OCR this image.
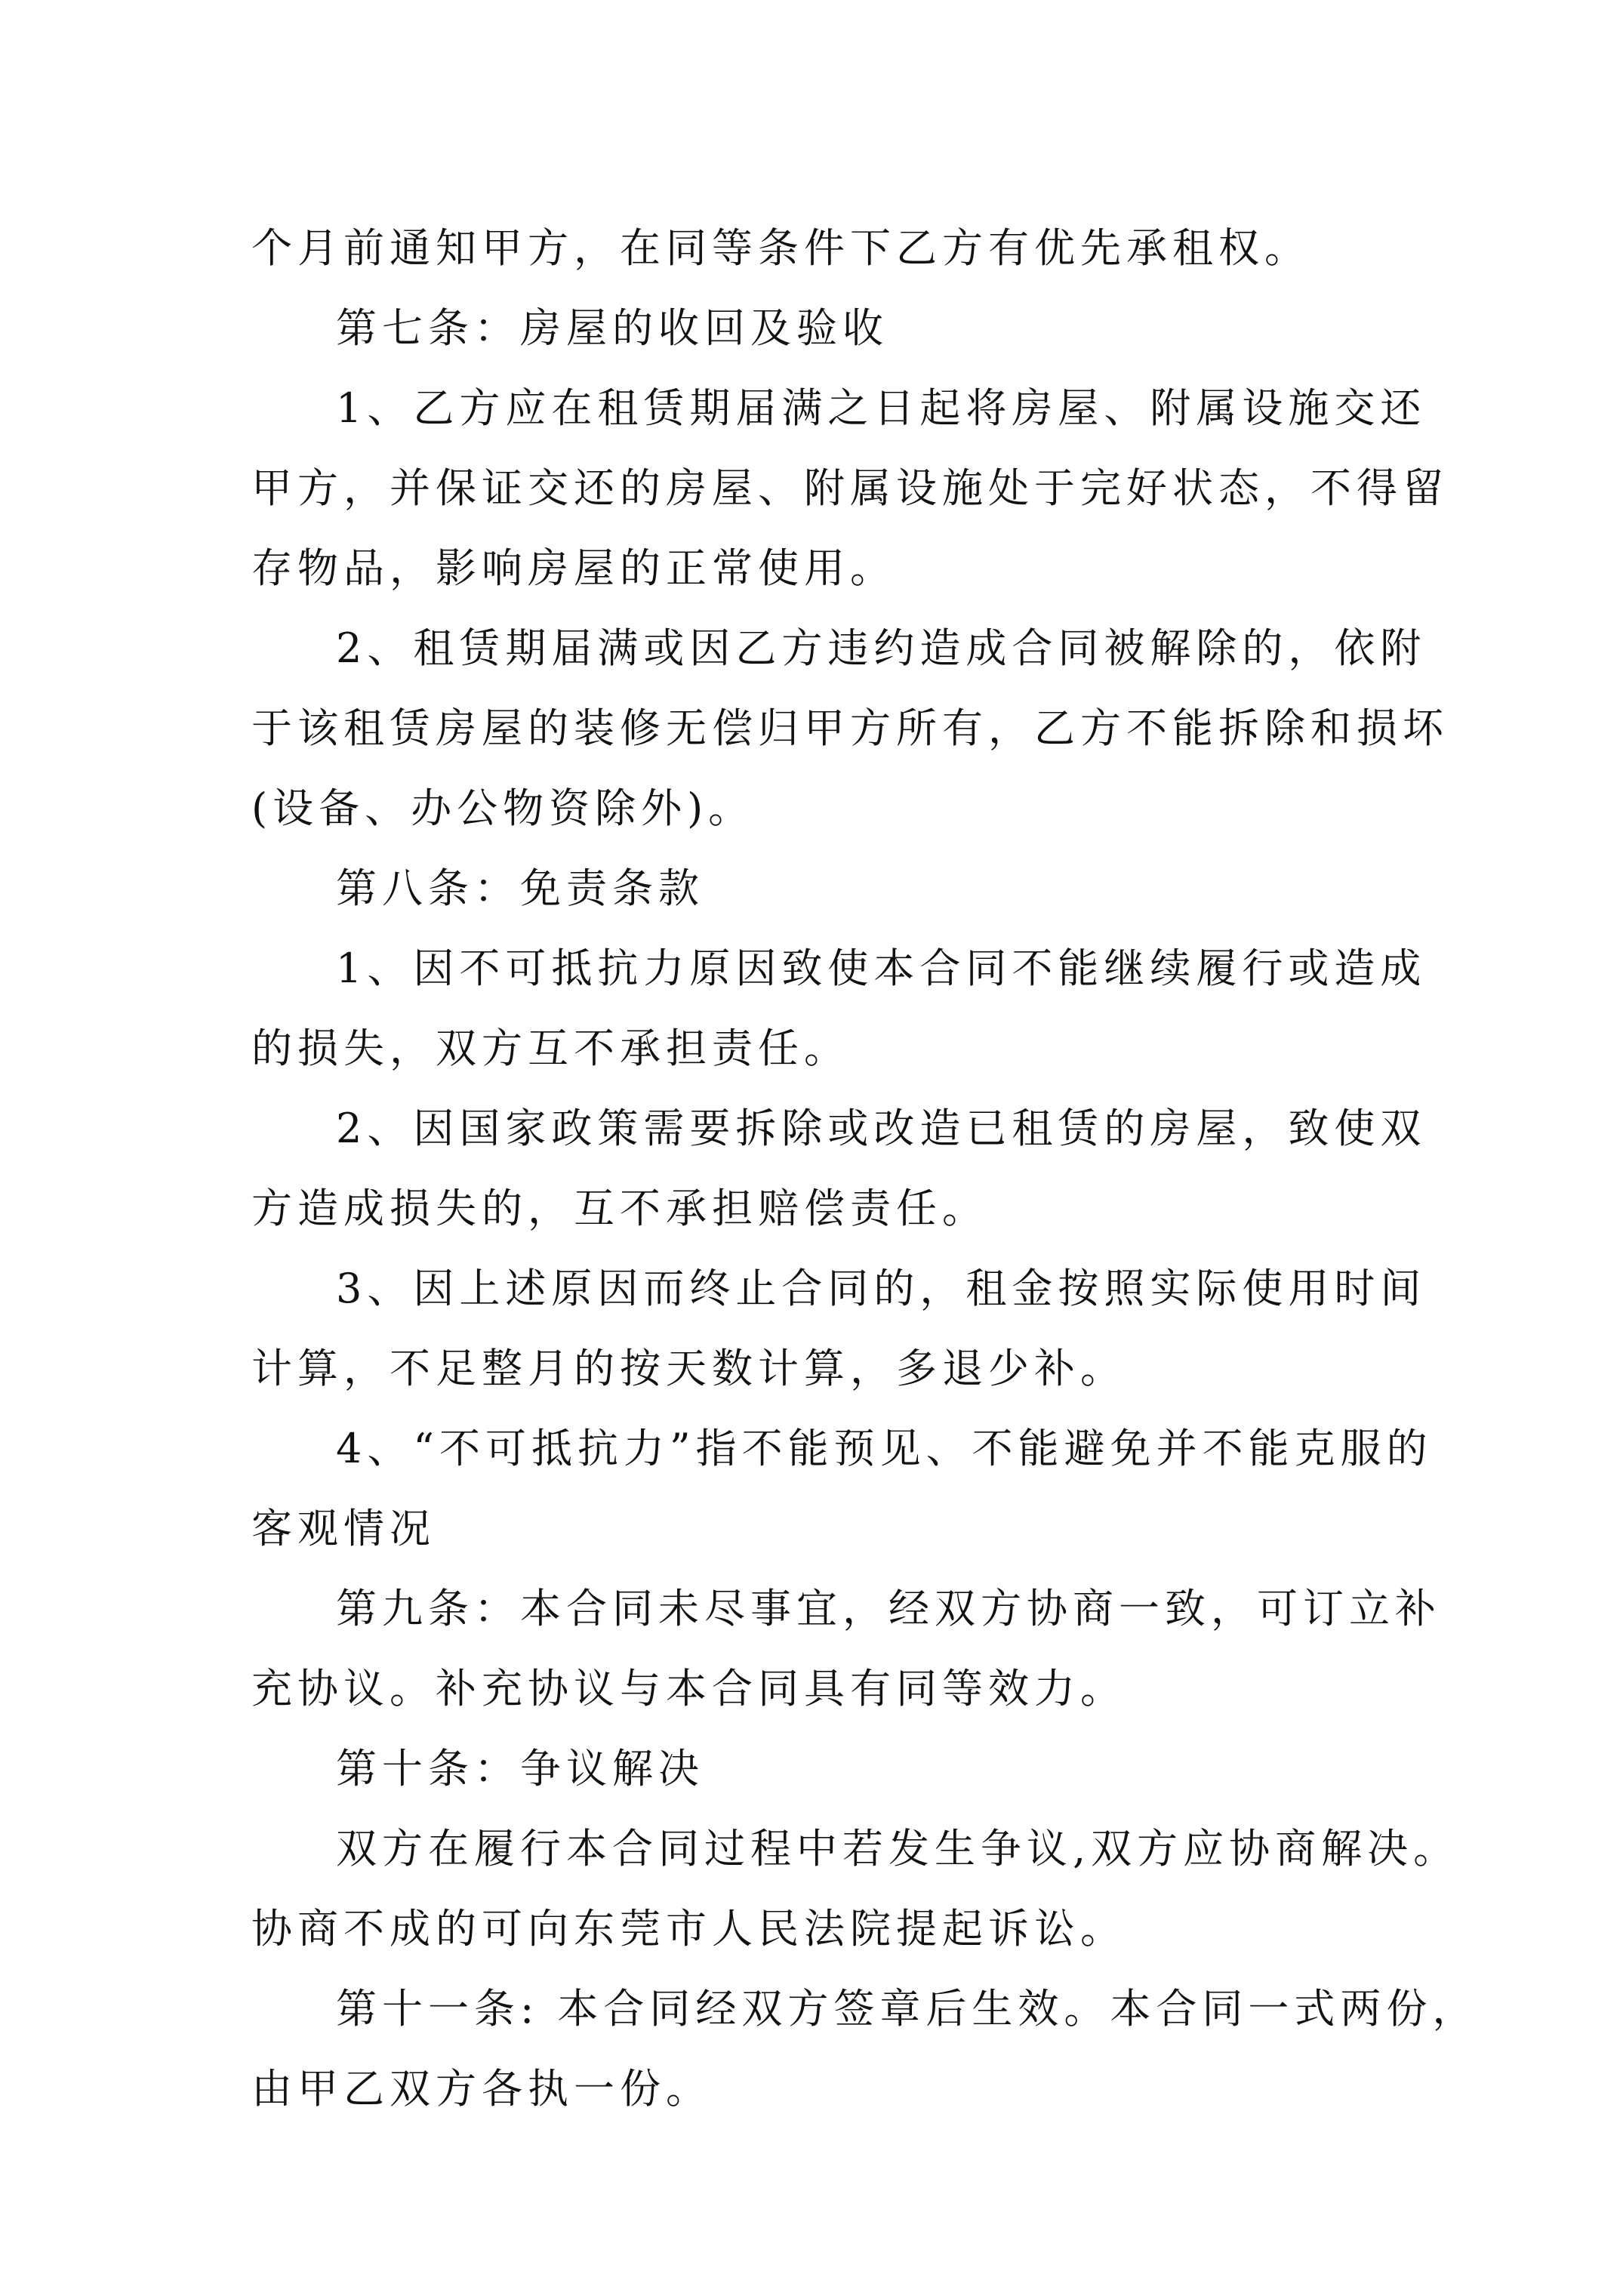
个月前通知甲方，在同等条件下乙方有优先承租权。
第七条：房屋的收回及验收
1、乙方应在租赁期届满之日起将房屋、附属设施交还
甲方，并保证交还的房屋、附属设施处于完好状态，不得留
存物品，影响房屋的正常使用。
2、租赁期届满或因乙方违约造成合同被解除的，依附
于该租赁房屋的装修无偿归甲方所有，乙方不能拆除和损坏
(设备、办公物资除外)。
第八条：免责条款
1、因不可抵抗力原因致使本合同不能继续履行或造成
的损失，双方互不承担责任。
2、因国家政策需要拆除或改造已租赁的房屋，致使双
方造成损失的，互不承担赔偿责任。
3、因上述原因而终止合同的，租金按照实际使用时间
计算，不足整月的按天数计算，多退少补。
4、“不可抵抗力”指不能预见、不能避免并不能克服的
客观情况
第九条：本合同未尽事宜，经双方协商一致，可订立补
充协议。补充协议与本合同具有同等效力。
第十条：争议解决
双方在履行本合同过程中若发生争议,双方应协商解决。
协商不成的可向东莞市人民法院提起诉讼。
第十一条: 本合同经双方签章后生效。本合同一式两份，
由甲乙双方各执一份。
